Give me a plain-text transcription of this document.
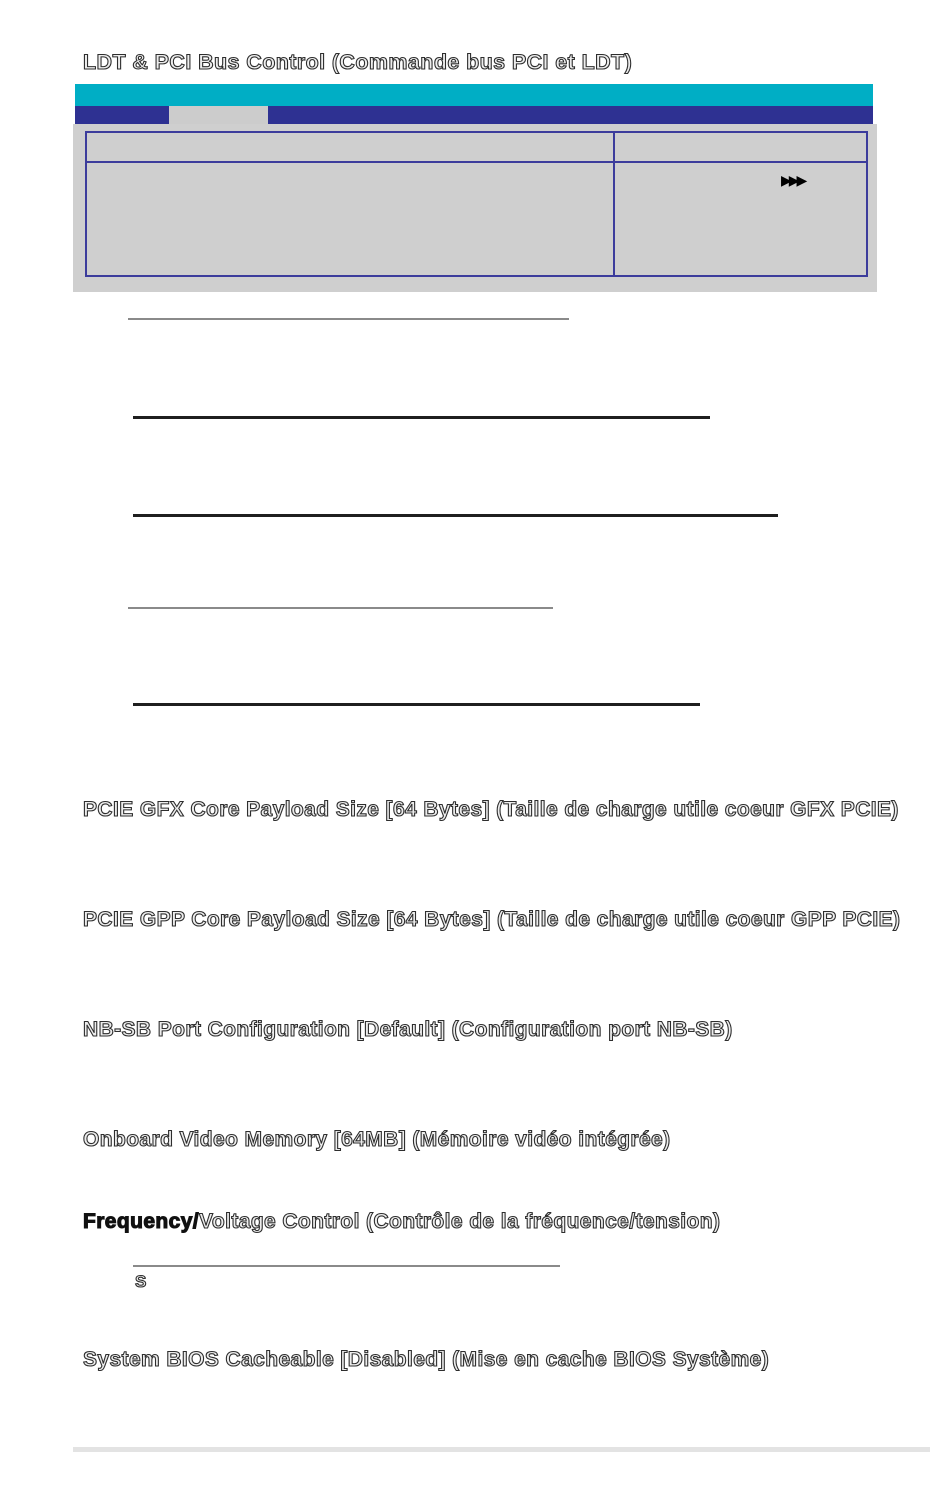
LDT & PCI Bus Control (Commande bus PCI et LDT)
▶▶▶
PCIE GFX Core Payload Size [64 Bytes] (Taille de charge utile coeur GFX PCIE)
PCIE GPP Core Payload Size [64 Bytes] (Taille de charge utile coeur GPP PCIE)
NB-SB Port Configuration [Default] (Configuration port NB-SB)
Onboard Video Memory [64MB] (Mémoire vidéo intégrée)
Frequency/Voltage Control (Contrôle de la fréquence/tension)
S
System BIOS Cacheable [Disabled] (Mise en cache BIOS Système)
